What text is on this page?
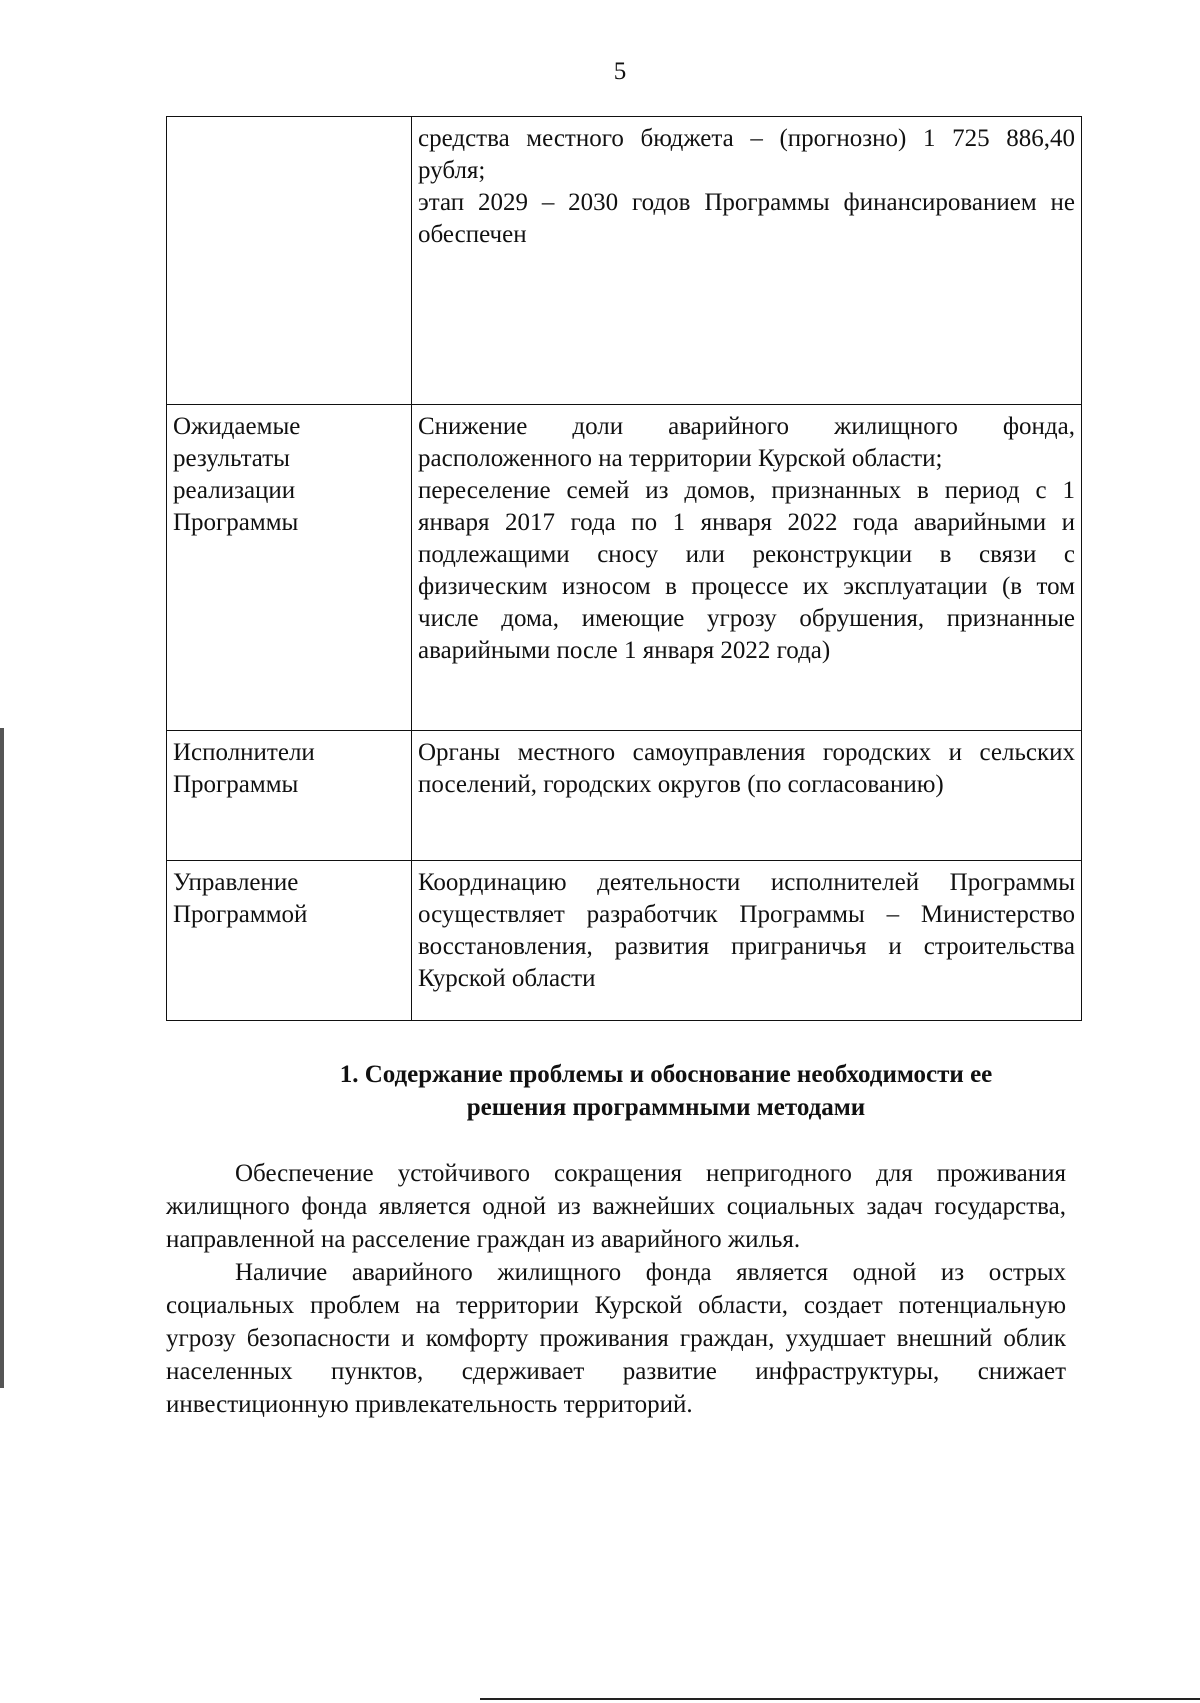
5

	средства местного бюджета – (прогнозно) 1 725 886,40 рубля;
этап 2029 – 2030 годов Программы финансированием не обеспечен

Ожидаемые результаты реализации Программы	Снижение доли аварийного жилищного фонда, расположенного на территории Курской области;
переселение семей из домов, признанных в период с 1 января 2017 года по 1 января 2022 года аварийными и подлежащими сносу или реконструкции в связи с физическим износом в процессе их эксплуатации (в том числе дома, имеющие угрозу обрушения, признанные аварийными после 1 января 2022 года)

Исполнители Программы	Органы местного самоуправления городских и сельских поселений, городских округов (по согласованию)

Управление Программой	Координацию деятельности исполнителей Программы осуществляет разработчик Программы – Министерство восстановления, развития приграничья и строительства Курской области
1. Содержание проблемы и обоснование необходимости ее
решения программными методами

Обеспечение устойчивого сокращения непригодного для проживания жилищного фонда является одной из важнейших социальных задач государства, направленной на расселение граждан из аварийного жилья.

Наличие аварийного жилищного фонда является одной из острых социальных проблем на территории Курской области, создает потенциальную угрозу безопасности и комфорту проживания граждан, ухудшает внешний облик населенных пунктов, сдерживает развитие инфраструктуры, снижает инвестиционную привлекательность территорий.
